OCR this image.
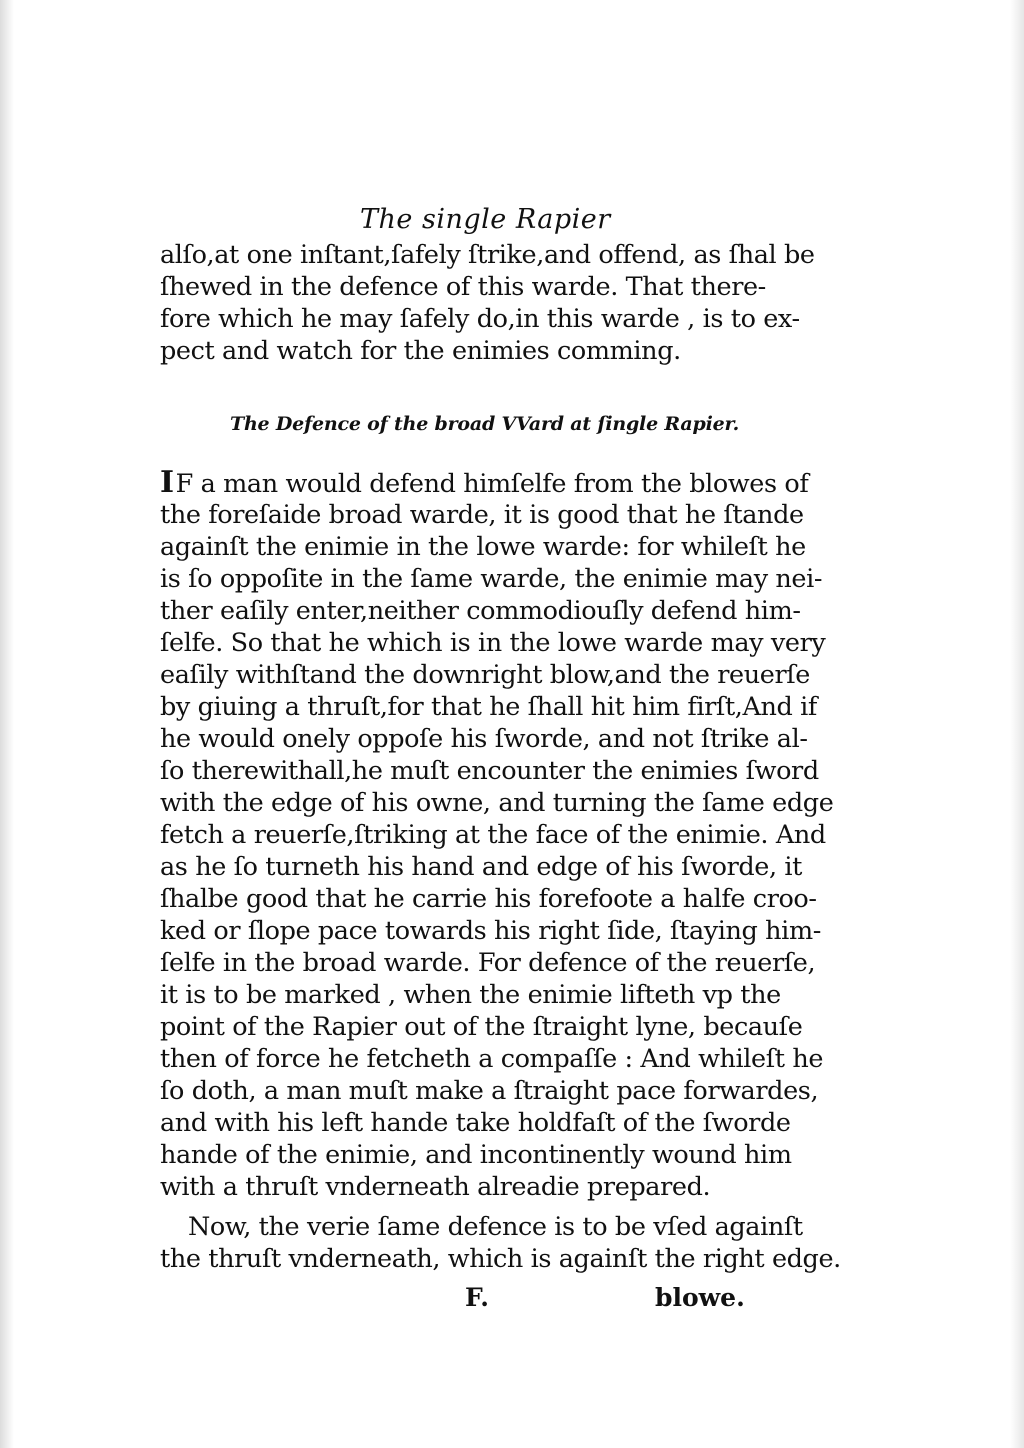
The single Rapier
alſo,at one inſtant,ſafely ſtrike,and offend, as ſhal be
ſhewed in the defence of this warde. That there-
fore which he may ſafely do,in this warde , is to ex-
pect and watch for the enimies comming.
The Defence of the broad VVard at ſingle Rapier.
IF a man would defend himſelfe from the blowes of
the foreſaide broad warde, it is good that he ſtande
againſt the enimie in the lowe warde: for whileſt he
is ſo oppoſite in the ſame warde, the enimie may nei-
ther eaſily enter,neither commodiouſly defend him-
ſelfe. So that he which is in the lowe warde may very
eaſily withſtand the downright blow,and the reuerſe
by giuing a thruſt,for that he ſhall hit him firſt,And if
he would onely oppoſe his ſworde, and not ſtrike al-
ſo therewithall,he muſt encounter the enimies ſword
with the edge of his owne, and turning the ſame edge
fetch a reuerſe,ſtriking at the face of the enimie. And
as he ſo turneth his hand and edge of his ſworde, it
ſhalbe good that he carrie his forefoote a halfe croo-
ked or ſlope pace towards his right ſide, ſtaying him-
ſelfe in the broad warde. For defence of the reuerſe,
it is to be marked , when the enimie lifteth vp the
point of the Rapier out of the ſtraight lyne, becauſe
then of force he fetcheth a compaſſe : And whileſt he
ſo doth, a man muſt make a ſtraight pace forwardes,
and with his left hande take holdfaſt of the ſworde
hande of the enimie, and incontinently wound him
with a thruſt vnderneath alreadie prepared.
Now, the verie ſame defence is to be vſed againſt
the thruſt vnderneath, which is againſt the right edge.
F.	blowe.
